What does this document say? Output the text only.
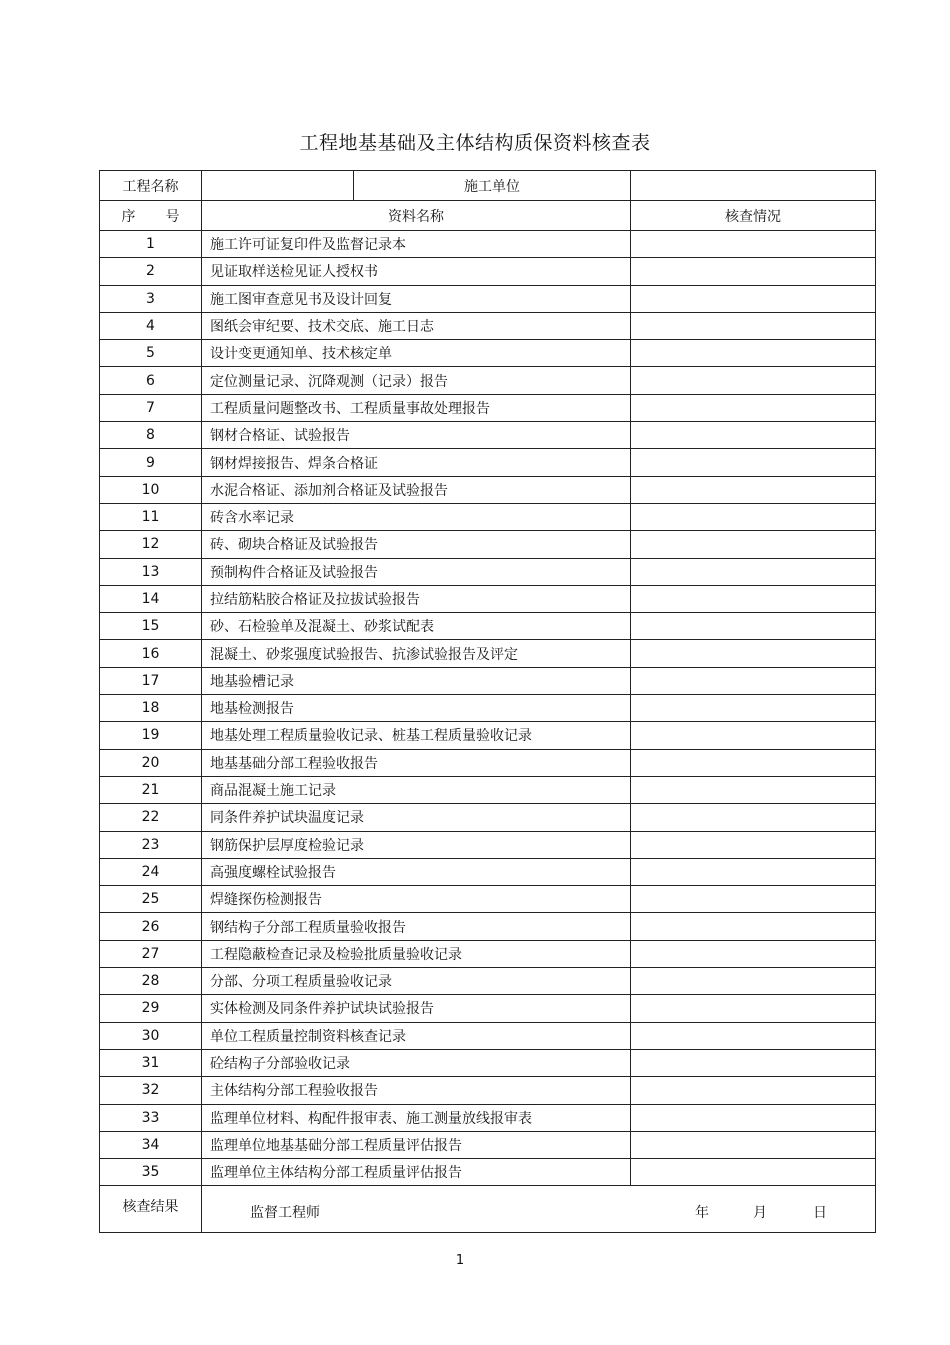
工程地基基础及主体结构质保资料核查表
工程名称		施工单位	
序 号	资料名称		核查情况
1	施工许可证复印件及监督记录本		
2	见证取样送检见证人授权书		
3	施工图审查意见书及设计回复		
4	图纸会审纪要、技术交底、施工日志		
5	设计变更通知单、技术核定单		
6	定位测量记录、沉降观测（记录）报告		
7	工程质量问题整改书、工程质量事故处理报告		
8	钢材合格证、试验报告		
9	钢材焊接报告、焊条合格证		
10	水泥合格证、添加剂合格证及试验报告		
11	砖含水率记录		
12	砖、砌块合格证及试验报告		
13	预制构件合格证及试验报告		
14	拉结筋粘胶合格证及拉拔试验报告		
15	砂、石检验单及混凝土、砂浆试配表		
16	混凝土、砂浆强度试验报告、抗渗试验报告及评定		
17	地基验槽记录		
18	地基检测报告		
19	地基处理工程质量验收记录、桩基工程质量验收记录		
20	地基基础分部工程验收报告		
21	商品混凝土施工记录		
22	同条件养护试块温度记录		
23	钢筋保护层厚度检验记录		
24	高强度螺栓试验报告		
25	焊缝探伤检测报告		
26	钢结构子分部工程质量验收报告		
27	工程隐蔽检查记录及检验批质量验收记录		
28	分部、分项工程质量验收记录		
29	实体检测及同条件养护试块试验报告		
30	单位工程质量控制资料核查记录		
31	砼结构子分部验收记录		
32	主体结构分部工程验收报告		
33	监理单位材料、构配件报审表、施工测量放线报审表		
34	监理单位地基基础分部工程质量评估报告		
35	监理单位主体结构分部工程质量评估报告		
核查结果	监督工程师 年 月 日		
1
